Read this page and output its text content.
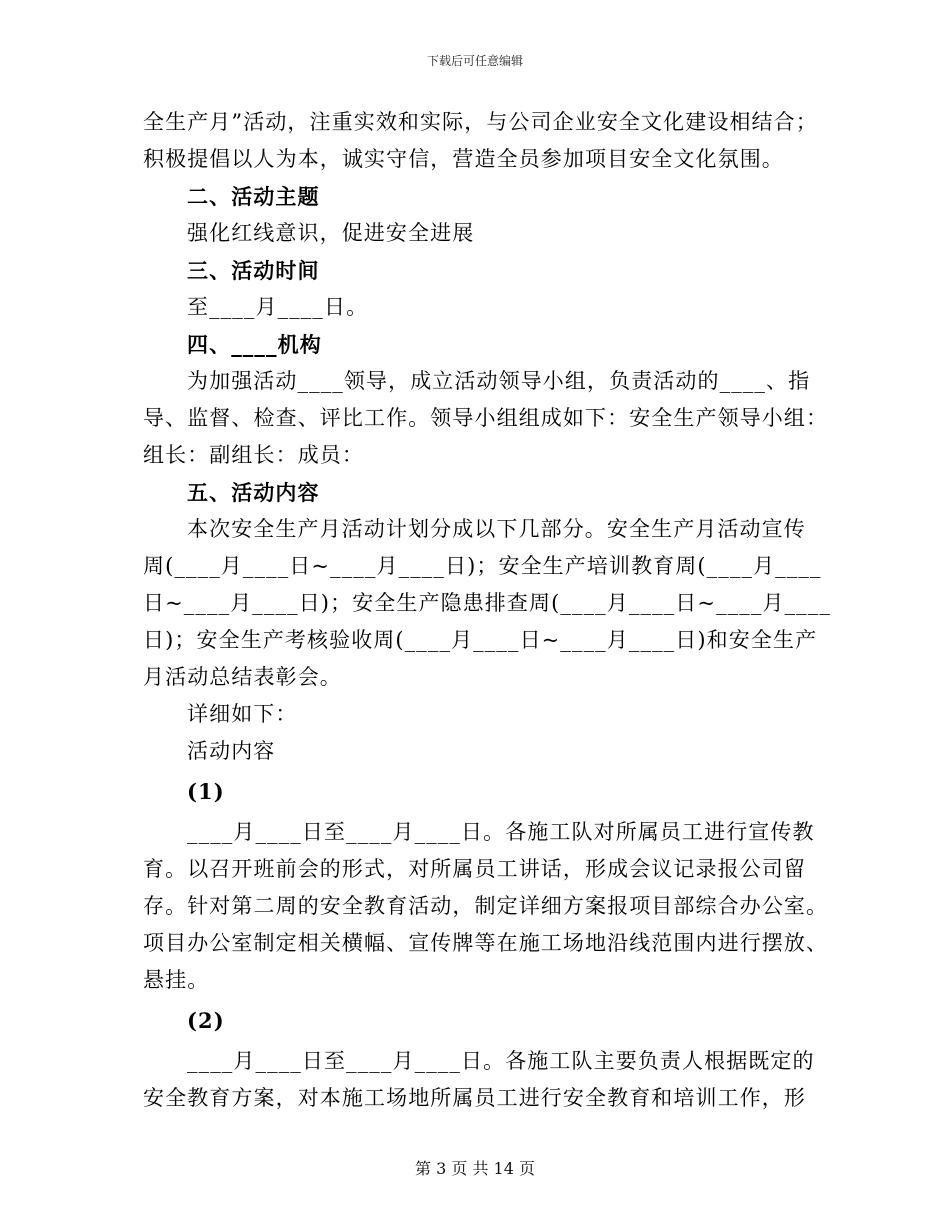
下载后可任意编辑
全生产月”活动，注重实效和实际，与公司企业安全文化建设相结合；
积极提倡以人为本，诚实守信，营造全员参加项目安全文化氛围。
二、活动主题
强化红线意识，促进安全进展
三、活动时间
至____月____日。
四、____机构
为加强活动____领导，成立活动领导小组，负责活动的____、指
导、监督、检查、评比工作。领导小组组成如下：安全生产领导小组：
组长：副组长：成员：
五、活动内容
本次安全生产月活动计划分成以下几部分。安全生产月活动宣传
周(____月____日~____月____日)；安全生产培训教育周(____月____
日~____月____日)；安全生产隐患排查周(____月____日~____月____
日)；安全生产考核验收周(____月____日~____月____日)和安全生产
月活动总结表彰会。
详细如下：
活动内容
(1)
____月____日至____月____日。各施工队对所属员工进行宣传教
育。以召开班前会的形式，对所属员工讲话，形成会议记录报公司留
存。针对第二周的安全教育活动，制定详细方案报项目部综合办公室。
项目办公室制定相关横幅、宣传牌等在施工场地沿线范围内进行摆放、
悬挂。
(2)
____月____日至____月____日。各施工队主要负责人根据既定的
安全教育方案，对本施工场地所属员工进行安全教育和培训工作，形
第 3 页 共 14 页
